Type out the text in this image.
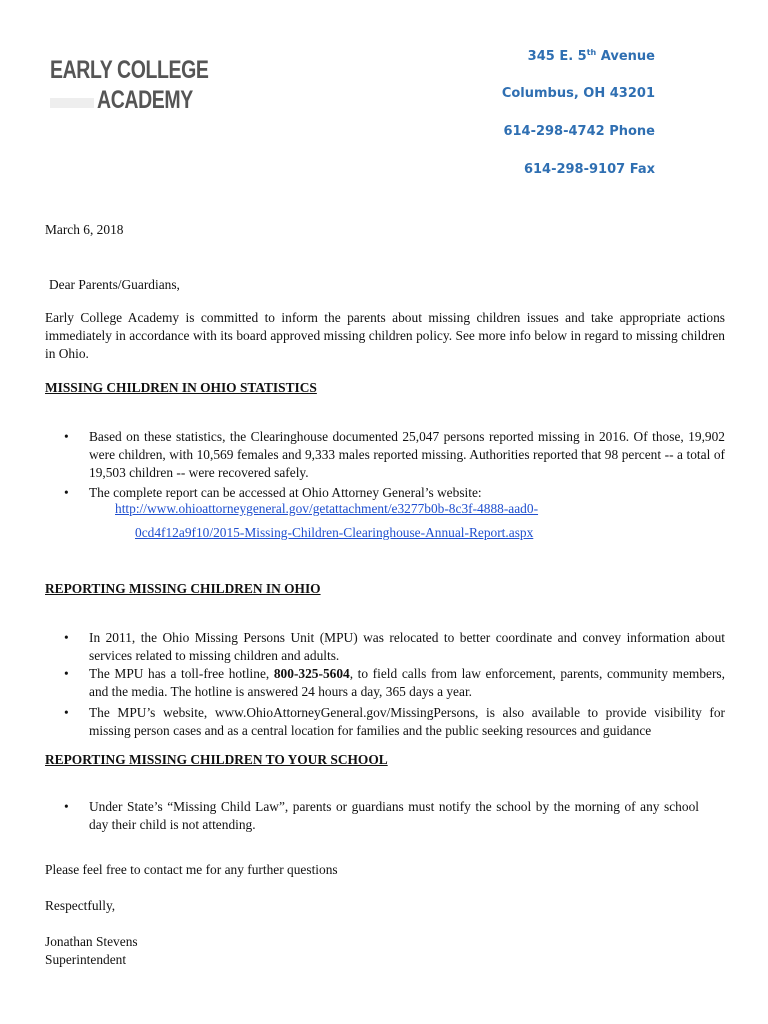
EARLY COLLEGE
ACADEMY
345 E. 5th Avenue
Columbus, OH 43201
614-298-4742 Phone
614-298-9107 Fax
March 6, 2018
Dear Parents/Guardians,
Early College Academy is committed to inform the parents about missing children issues and take appropriate actions immediately in accordance with its board approved missing children policy. See more info below in regard to missing children in Ohio.
MISSING CHILDREN IN OHIO STATISTICS
• Based on these statistics, the Clearinghouse documented 25,047 persons reported missing in 2016. Of those, 19,902 were children, with 10,569 females and 9,333 males reported missing. Authorities reported that 98 percent -- a total of 19,503 children -- were recovered safely.
• The complete report can be accessed at Ohio Attorney General’s website:
http://www.ohioattorneygeneral.gov/getattachment/e3277b0b-8c3f-4888-aad0-
0cd4f12a9f10/2015-Missing-Children-Clearinghouse-Annual-Report.aspx
REPORTING MISSING CHILDREN IN OHIO
• In 2011, the Ohio Missing Persons Unit (MPU) was relocated to better coordinate and convey information about services related to missing children and adults.
• The MPU has a toll-free hotline, 800-325-5604, to field calls from law enforcement, parents, community members, and the media. The hotline is answered 24 hours a day, 365 days a year.
• The MPU’s website, www.OhioAttorneyGeneral.gov/MissingPersons, is also available to provide visibility for missing person cases and as a central location for families and the public seeking resources and guidance
REPORTING MISSING CHILDREN TO YOUR SCHOOL
• Under State’s “Missing Child Law”, parents or guardians must notify the school by the morning of any school day their child is not attending.
Please feel free to contact me for any further questions
Respectfully,
Jonathan Stevens
Superintendent
